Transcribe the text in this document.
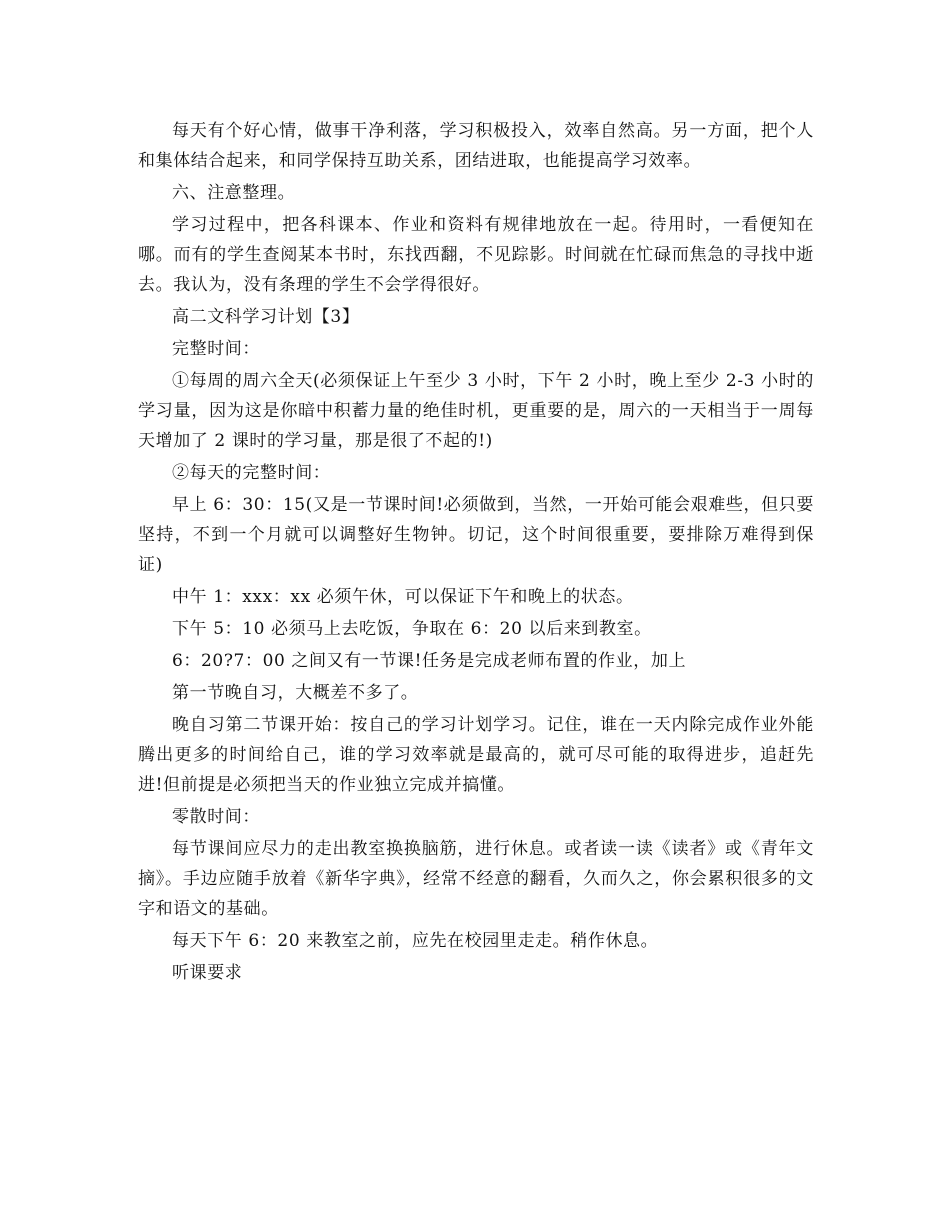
每天有个好心情，做事干净利落，学习积极投入，效率自然高。另一方面，把个人和集体结合起来，和同学保持互助关系，团结进取，也能提高学习效率。

六、注意整理。

学习过程中，把各科课本、作业和资料有规律地放在一起。待用时，一看便知在哪。而有的学生查阅某本书时，东找西翻，不见踪影。时间就在忙碌而焦急的寻找中逝去。我认为，没有条理的学生不会学得很好。

高二文科学习计划【3】

完整时间：

①每周的周六全天(必须保证上午至少 3 小时，下午 2 小时，晚上至少 2-3 小时的学习量，因为这是你暗中积蓄力量的绝佳时机，更重要的是，周六的一天相当于一周每天增加了 2 课时的学习量，那是很了不起的!)

②每天的完整时间：

早上 6：30：15(又是一节课时间!必须做到，当然，一开始可能会艰难些，但只要坚持，不到一个月就可以调整好生物钟。切记，这个时间很重要，要排除万难得到保证)

中午 1：xxx：xx 必须午休，可以保证下午和晚上的状态。

下午 5：10 必须马上去吃饭，争取在 6：20 以后来到教室。

6：20?7：00 之间又有一节课!任务是完成老师布置的作业，加上

第一节晚自习，大概差不多了。

晚自习第二节课开始：按自己的学习计划学习。记住，谁在一天内除完成作业外能腾出更多的时间给自己，谁的学习效率就是最高的，就可尽可能的取得进步，追赶先进!但前提是必须把当天的作业独立完成并搞懂。

零散时间：

每节课间应尽力的走出教室换换脑筋，进行休息。或者读一读《读者》或《青年文摘》。手边应随手放着《新华字典》，经常不经意的翻看，久而久之，你会累积很多的文字和语文的基础。

每天下午 6：20 来教室之前，应先在校园里走走。稍作休息。

听课要求
